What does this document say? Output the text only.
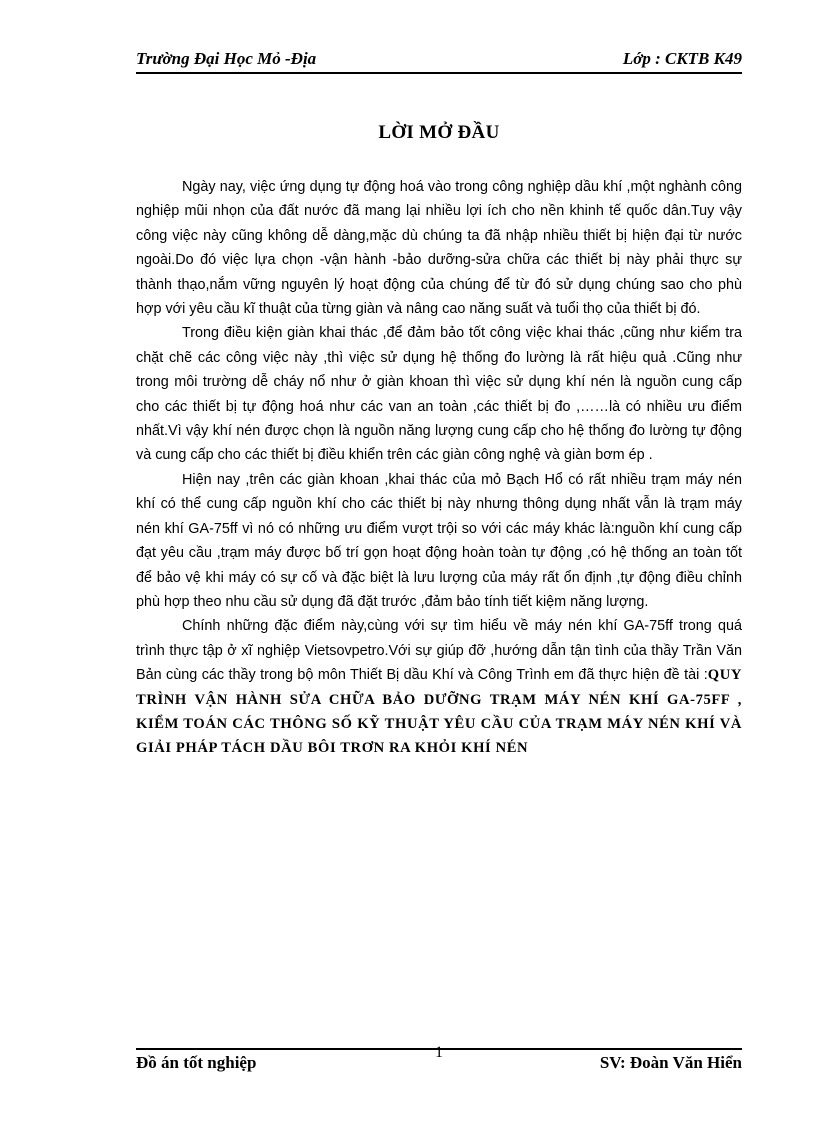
Trường Đại Học Mỏ -Địa	Lớp : CKTB K49
LỜI MỞ ĐẦU

Ngày nay, việc ứng dụng tự động hoá vào trong công nghiệp dầu khí ,một nghành công nghiệp mũi nhọn của đất nước đã mang lại nhiều lợi ích cho nền khinh tế quốc dân.Tuy vậy công việc này cũng không dễ dàng,mặc dù chúng ta đã nhập nhiều thiết bị hiện đại từ nước ngoài.Do đó việc lựa chọn -vận hành -bảo dưỡng-sửa chữa các thiết bị này phải thực sự thành thạo,nắm vững nguyên lý hoạt động của chúng để từ đó sử dụng chúng sao cho phù hợp với yêu cầu kĩ thuật của từng giàn và nâng cao năng suất và tuổi thọ của thiết bị đó.

Trong điều kiện giàn khai thác ,để đảm bảo tốt công việc khai thác ,cũng như kiểm tra chặt chẽ các công việc này ,thì việc sử dụng hệ thống đo lường là rất hiệu quả .Cũng như trong môi trường dễ cháy nổ như ở giàn khoan thì việc sử dụng khí nén là nguồn cung cấp cho các thiết bị tự động hoá như các van an toàn ,các thiết bị đo ,……là có nhiều ưu điểm nhất.Vì vậy khí nén được chọn là nguồn năng lượng cung cấp cho hệ thống đo lường tự động và cung cấp cho các thiết bị điều khiển trên các giàn công nghệ và giàn bơm ép .

Hiện nay ,trên các giàn khoan ,khai thác của mỏ Bạch Hổ có rất nhiều trạm máy nén khí có thể cung cấp nguồn khí cho các thiết bị này nhưng thông dụng nhất vẫn là trạm máy nén khí GA-75ff vì nó có những ưu điểm vượt trội so với các máy khác là:nguồn khí cung cấp đạt yêu cầu ,trạm máy được bố trí gọn hoạt động hoàn toàn tự động ,có hệ thống an toàn tốt để bảo vệ khi máy có sự cố và đặc biệt là lưu lượng của máy rất ổn định ,tự động điều chỉnh phù hợp theo nhu cầu sử dụng đã đặt trước ,đảm bảo tính tiết kiệm năng lượng.

Chính những đặc điểm này,cùng với sự tìm hiểu về máy nén khí GA-75ff trong quá trình thực tập ở xĩ nghiệp Vietsovpetro.Với sự giúp đỡ ,hướng dẫn tận tình của thầy Trần Văn Bản cùng các thầy trong bộ môn Thiết Bị dầu Khí và Công Trình em đã thực hiện đề tài :QUY TRÌNH VẬN HÀNH SỬA CHỮA BẢO DƯỠNG TRẠM MÁY NÉN KHÍ GA-75FF , KIỂM TOÁN CÁC THÔNG SỐ KỸ THUẬT YÊU CẦU CỦA TRẠM MÁY NÉN KHÍ VÀ GIẢI PHÁP TÁCH DẦU BÔI TRƠN RA KHỎI KHÍ NÉN

Đồ án tốt nghiệp
1
SV: Đoàn Văn Hiển
